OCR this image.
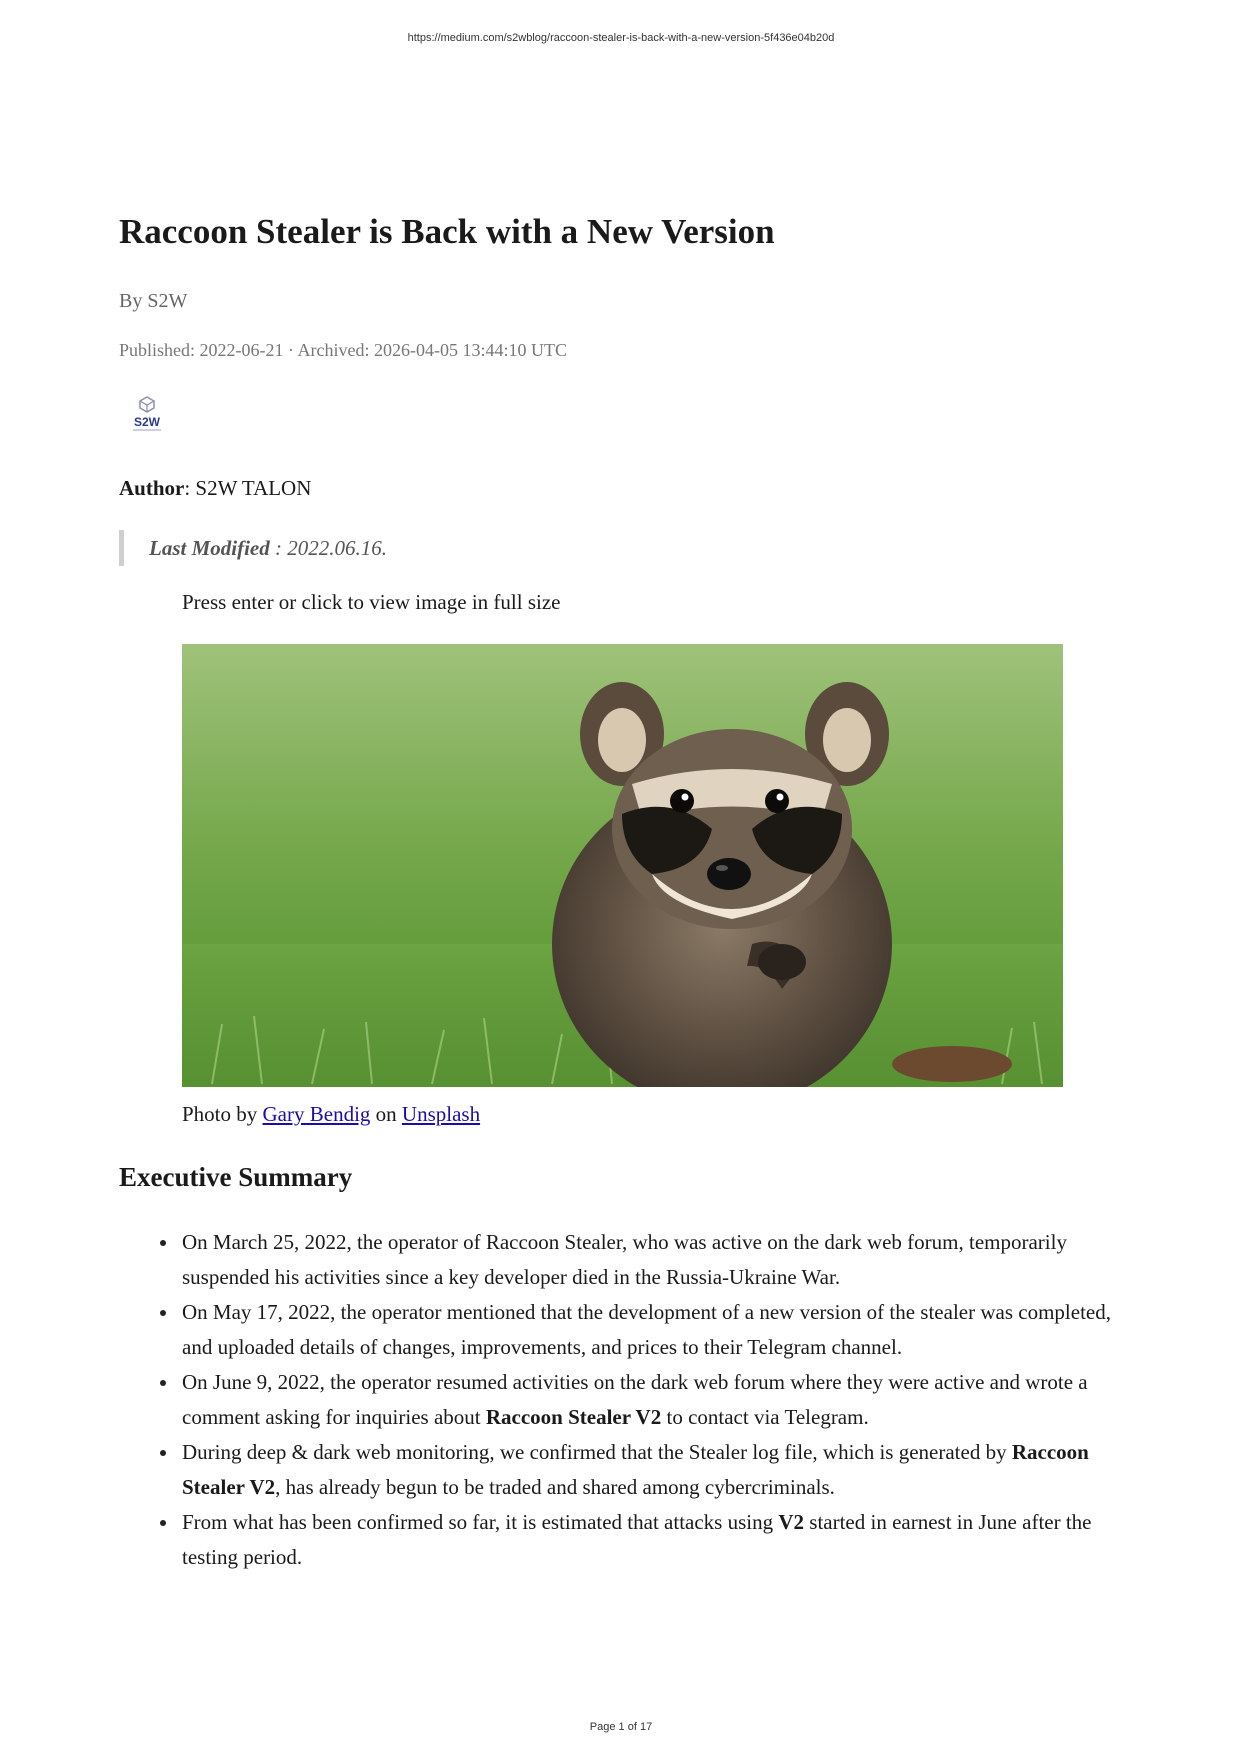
https://medium.com/s2wblog/raccoon-stealer-is-back-with-a-new-version-5f436e04b20d
Raccoon Stealer is Back with a New Version
By S2W
Published: 2022-06-21 · Archived: 2026-04-05 13:44:10 UTC
S2W
Author: S2W TALON
Last Modified : 2022.06.16.
Press enter or click to view image in full size
Photo by Gary Bendig on Unsplash
Executive Summary
On March 25, 2022, the operator of Raccoon Stealer, who was active on the dark web forum, temporarily suspended his activities since a key developer died in the Russia-Ukraine War.
On May 17, 2022, the operator mentioned that the development of a new version of the stealer was completed, and uploaded details of changes, improvements, and prices to their Telegram channel.
On June 9, 2022, the operator resumed activities on the dark web forum where they were active and wrote a comment asking for inquiries about Raccoon Stealer V2 to contact via Telegram.
During deep & dark web monitoring, we confirmed that the Stealer log file, which is generated by Raccoon Stealer V2, has already begun to be traded and shared among cybercriminals.
From what has been confirmed so far, it is estimated that attacks using V2 started in earnest in June after the testing period.
Page 1 of 17
